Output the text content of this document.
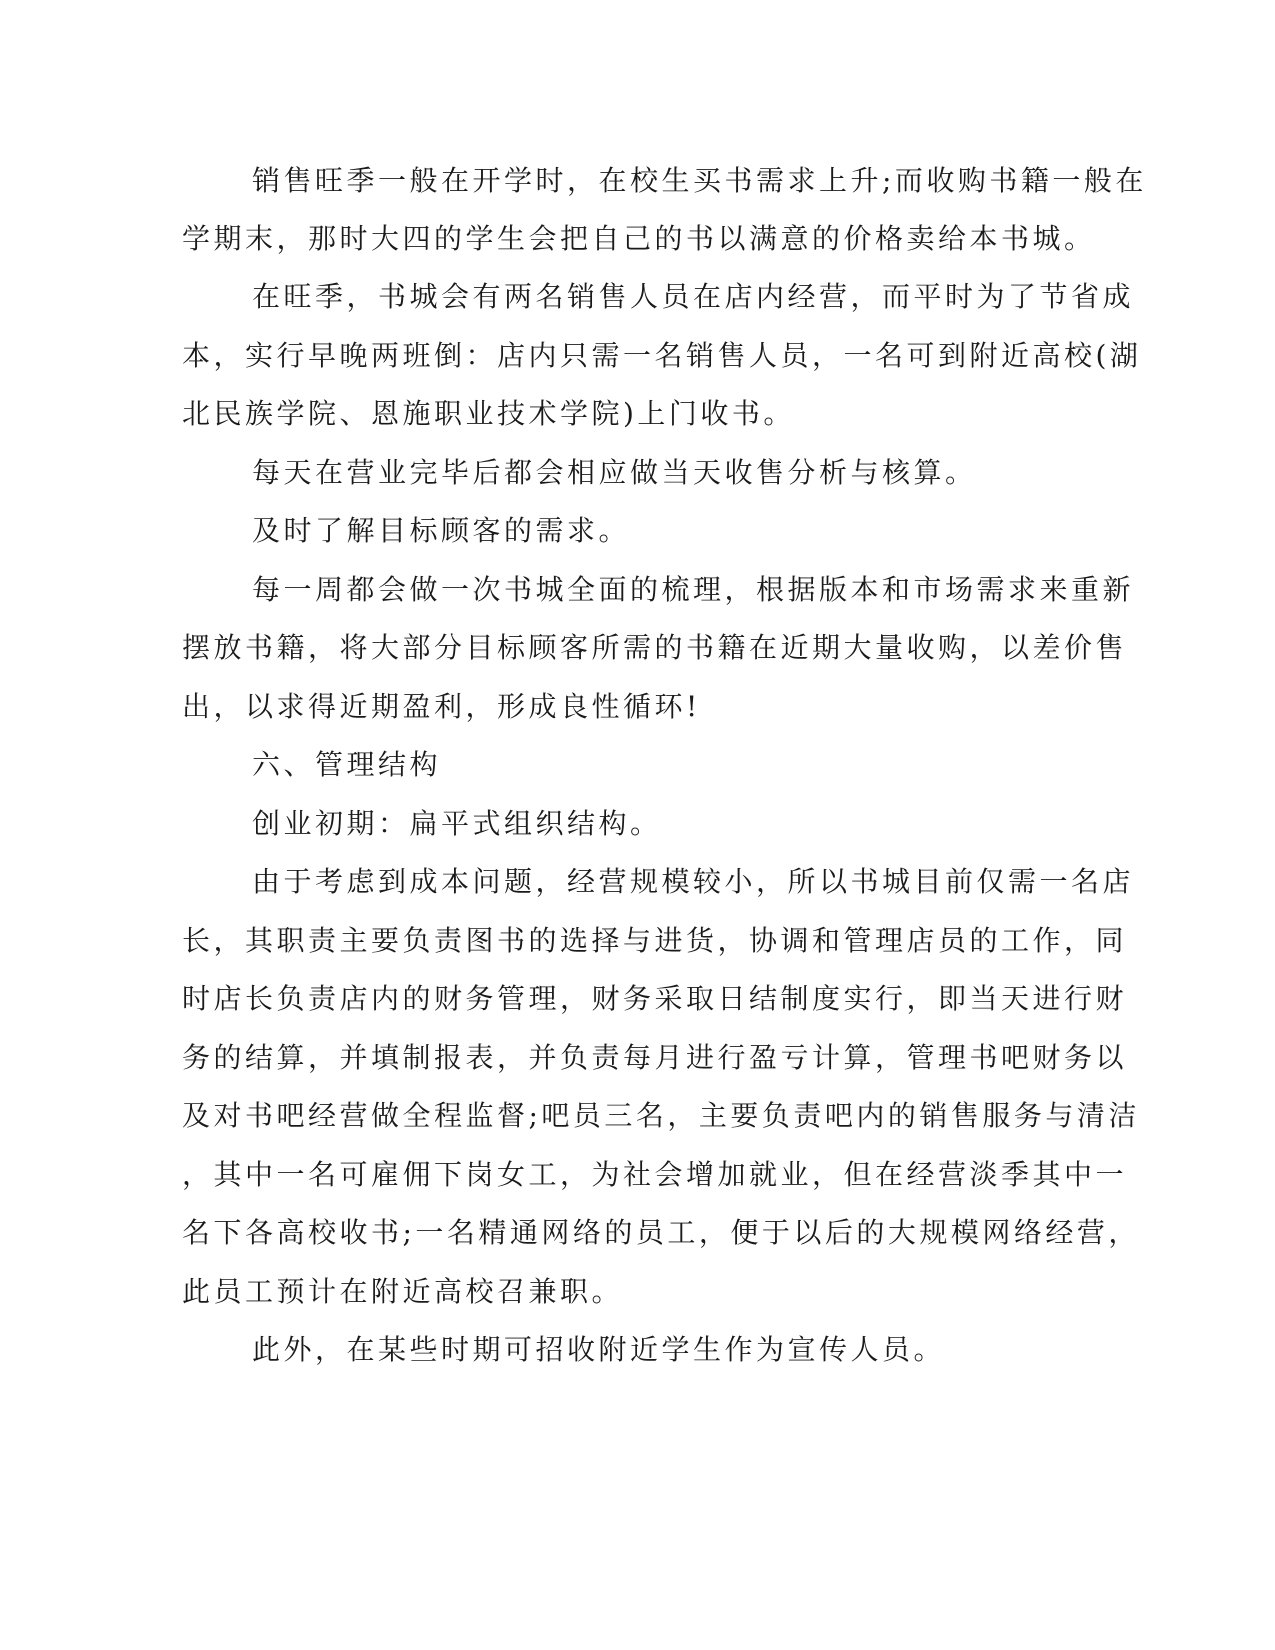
销售旺季一般在开学时，在校生买书需求上升;而收购书籍一般在
学期末，那时大四的学生会把自己的书以满意的价格卖给本书城。
在旺季，书城会有两名销售人员在店内经营，而平时为了节省成
本，实行早晚两班倒：店内只需一名销售人员，一名可到附近高校(湖
北民族学院、恩施职业技术学院)上门收书。
每天在营业完毕后都会相应做当天收售分析与核算。
及时了解目标顾客的需求。
每一周都会做一次书城全面的梳理，根据版本和市场需求来重新
摆放书籍，将大部分目标顾客所需的书籍在近期大量收购，以差价售
出，以求得近期盈利，形成良性循环!
六、管理结构
创业初期：扁平式组织结构。
由于考虑到成本问题，经营规模较小，所以书城目前仅需一名店
长，其职责主要负责图书的选择与进货，协调和管理店员的工作，同
时店长负责店内的财务管理，财务采取日结制度实行，即当天进行财
务的结算，并填制报表，并负责每月进行盈亏计算，管理书吧财务以
及对书吧经营做全程监督;吧员三名，主要负责吧内的销售服务与清洁
，其中一名可雇佣下岗女工，为社会增加就业，但在经营淡季其中一
名下各高校收书;一名精通网络的员工，便于以后的大规模网络经营，
此员工预计在附近高校召兼职。
此外，在某些时期可招收附近学生作为宣传人员。
